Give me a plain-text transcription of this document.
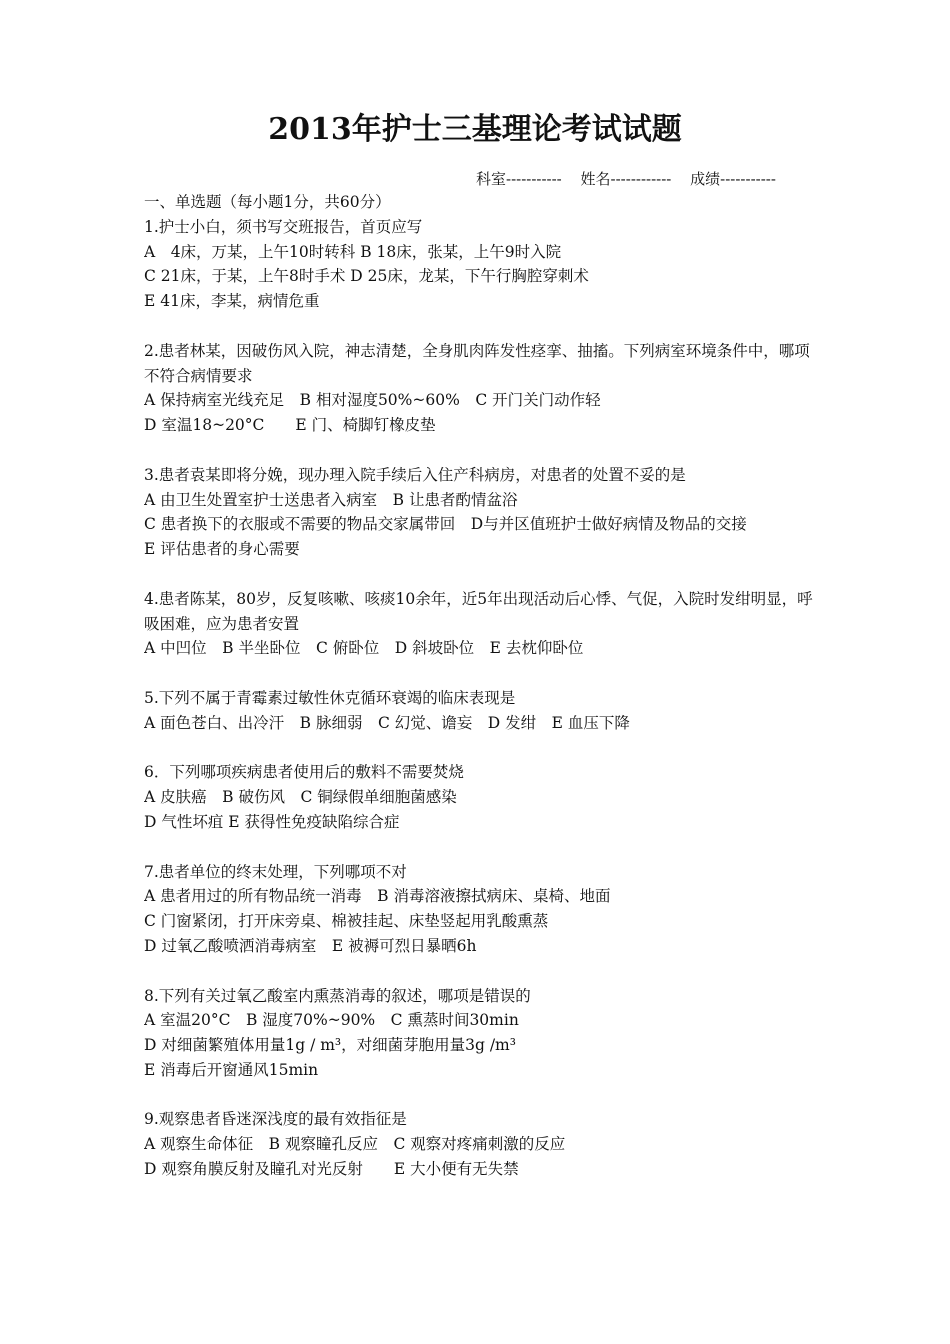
2013年护士三基理论考试试题
科室----------- 姓名------------ 成绩-----------
一、单选题（每小题1分，共60分）
1.护士小白，须书写交班报告，首页应写
A　4床，万某，上午10时转科 B 18床，张某，上午9时入院
C 21床，于某，上午8时手术 D 25床，龙某，下午行胸腔穿刺术
E 41床，李某，病情危重
2.患者林某，因破伤风入院，神志清楚，全身肌肉阵发性痉挛、抽搐。下列病室环境条件中，哪项不符合病情要求
A 保持病室光线充足　B 相对湿度50%~60%　C 开门关门动作轻
D 室温18~20°C　　E 门、椅脚钉橡皮垫
3.患者袁某即将分娩，现办理入院手续后入住产科病房，对患者的处置不妥的是
A 由卫生处置室护士送患者入病室　B 让患者酌情盆浴
C 患者换下的衣服或不需要的物品交家属带回　D与并区值班护士做好病情及物品的交接
E 评估患者的身心需要
4.患者陈某，80岁，反复咳嗽、咳痰10余年，近5年出现活动后心悸、气促，入院时发绀明显，呼吸困难，应为患者安置
A 中凹位　B 半坐卧位　C 俯卧位　D 斜坡卧位　E 去枕仰卧位
5.下列不属于青霉素过敏性休克循环衰竭的临床表现是
A 面色苍白、出冷汗　B 脉细弱　C 幻觉、谵妄　D 发绀　E 血压下降
6．下列哪项疾病患者使用后的敷料不需要焚烧
A 皮肤癌　B 破伤风　C 铜绿假单细胞菌感染
D 气性坏疽 E 获得性免疫缺陷综合症
7.患者单位的终末处理，下列哪项不对
A 患者用过的所有物品统一消毒　B 消毒溶液擦拭病床、桌椅、地面
C 门窗紧闭，打开床旁桌、棉被挂起、床垫竖起用乳酸熏蒸
D 过氧乙酸喷洒消毒病室　E 被褥可烈日暴晒6h
8.下列有关过氧乙酸室内熏蒸消毒的叙述，哪项是错误的
A 室温20°C　B 湿度70%~90%　C 熏蒸时间30min
D 对细菌繁殖体用量1g / m³，对细菌芽胞用量3g /m³
E 消毒后开窗通风15min
9.观察患者昏迷深浅度的最有效指征是
A 观察生命体征　B 观察瞳孔反应　C 观察对疼痛刺激的反应
D 观察角膜反射及瞳孔对光反射　　E 大小便有无失禁
